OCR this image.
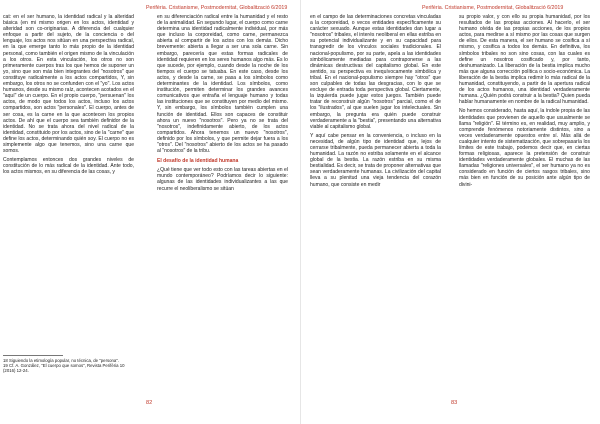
Perifèria. Cristianisme, Postmodernitat, Globalització 6/2019

cat: en el ser humano, la identidad radical y la alteridad básica (en mi mismo origen en los actos, identidad y alteridad son co-originarias. A diferencia del cualquier enfoque a partir del sujeto, de la conciencia o del lenguaje, los actos nos sitúan en una perspectiva radical, en la que emerge tanto lo más propio de la identidad personal, como también el origen mismo de la vinculación a los otros. En esta vinculación, los otros no son primeramente cuerpos tras los que hemos de suponer un yo, sino que son más bien integrantes del "nosotros" que constituye radicalmente a los actos compartidos, Y, sin embargo, los otros no se confunden con el "yo". Los actos humanos, desde su mismo raíz, acontecen acotados en el "aquí" de un cuerpo. En el propio cuerpo, "persuenan" los actos, de modo que todos los actos, incluso los actos compartidos, son actos "personales". El cuerpo, antes de ser cosa, es la carne en la que acontecen los propios actos. De ahí que el cuerpo sea también definidor de la identidad. No se trata ahora del nivel radical de la identidad, constituido por los actos, sino de la "carne" que define los actos, determinando quién soy. El cuerpo no es simplemente algo que tenemos, sino una carne que somos.

Contemplamos entonces dos grandes niveles de constitución de lo más radical de la identidad. Ante todo, los actos mismos, en su diferencia de las cosas, y

en su diferenciación radical entre la humanidad y el resto de la animalidad. En segundo lugar, el cuerpo como carne determina una identidad radicalmente individual, por más que incluso la corporeidad, como carne, permanezca abierta al compartir de los actos con los demás. Dicho brevemente: abierta a llegar a ser una sola carne. Sin embargo, parecería que estas formas radicales de identidad requieren en los seres humanos algo más. Es lo que sucede, por ejemplo, cuando desde la noche de los tiempos el cuerpo se tatuaba. En este caso, desde los actos, y desde la carne, se pasa a los símbolos como determinantes de la identidad. Los símbolos, como institución, permiten determinar los grandes avances comunicativos que entraña el lenguaje humano y todas las instituciones que se constituyen por medio del mismo. Y, sin embargo, los símbolos también cumplen una función de identidad. Ellos son capaces de constituir ahora un nuevo "nosotros". Pero ya no se trata del "nosotros", indefinidamente abierto, de los actos compartidos. Ahora tenemos un nuevo "nosotros", definido por los símbolos, y que permite dejar fuera a los "otros". Del "nosotros" abierto de los actos se ha pasado al "nosotros" de la tribu.

El desafío de la identidad humana

¿Qué tiene que ver todo esto con las tareas abiertas en el mundo contemporáneo? Podríamos decir lo siguiente: algunas de las identidades individualizantes a las que recurre el neoliberalismo se sitúan

18 Siguiendo la etimología popular, no técnica, de "persona".

19 Cf. A. González, "El cuerpo que somos", Revista Perifèria 10 (2016) 12-24.

82
Perifèria. Cristianisme, Postmodernitat, Globalització 6/2019

en el campo de las determinaciones concretas vinculadas a la corporeidad, o vecos entidades específicamente su carácter sexuado. Aunque estas identidades dan lugar a "nosotros" tribales, el interés neoliberal en ellas estriba en su potencial individualizante y en su capacidad para transgredir de los vínculos sociales tradicionales. El nacional-populismo, por su parte, apela a las identidades simbólicamente mediadas para contraponerse a las dinámicas destructivas del capitalismo global. En este sentido, su perspectiva es inequívocamente simbólica y tribal. En el nacional-populismo siempre hay "otros" que son culpables de todas las desgracias, con lo que se excluye de entrada toda perspectiva global. Ciertamente, la izquierda puede jugar estos juegos. También puede tratar de reconstruir algún "nosotros" parcial, como el de los "ilustrados", al que suelen jugar los intelectuales. Sin embargo, la pregunta era quién puede construir verdaderamente a la "bestia", presentando una alternativa viable al capitalismo global.

Y aquí cabe pensar en la conveniencia, o incluso en la necesidad, de algún tipo de identidad que, lejos de cerrarse tribalmente, pueda permanecer abierta a toda la humanidad. La razón no estriba solamente en el alcance global de la bestia. La razón estriba en su misma bestialidad. Es decir, se trata de proponer alternativas que sean verdaderamente humanas. La civilización del capital lleva a su plenitud una vieja tendencia del corazón humano, que consiste en medir

su propio valor, y con ello su propia humanidad, por los resultados de las propias acciones. Al hacerlo, el ser humano olvida de las propias acciones, de los propios actos, para medirse a sí mismo por las cosas que surgen de ellos. De esta manera, el ser humano se cosifica a sí mismo, y cosifica a todos los demás. En definitiva, los símbolos tribales no son sino cosas, con las cuales es define un nosotros cosificado y, por tanto, deshumanizado. La liberación de la bestia implica mucho más que alguna corrección política o socio-económica. La liberación de la bestia implica redimir lo más radical de la humanidad, constituyendo, a partir de la apertura radical de los actos humanos, una identidad verdaderamente humana. ¿Quién podrá construir a la bestia? Quien pueda hablar humanamente en nombre de la radical humanidad.

No hemos considerado, hasta aquí, la índole propia de las identidades que provienen de aquello que usualmente se llama "religión". El término es, en realidad, muy amplio, y comprende fenómenos notoriamente distintos, sino a veces verdaderamente opuestos entre sí. Más allá de cualquier intento de sistematización, que sobrepasaría los límites de este trabajo, podemos decir que, en ciertas formas religiosas, aparece la pretensión de construir identidades verdaderamente globales. El muchas de las llamadas "religiones universales", el ser humano ya no es considerado en función de ciertos rasgos tribales, sino más bien en función de su posición ante algún tipo de divini-

83
